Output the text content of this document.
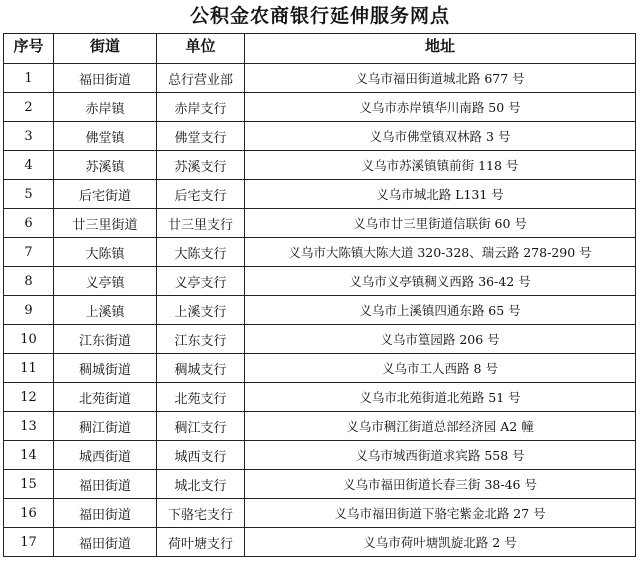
公积金农商银行延伸服务网点
序号	街道	单位	地址
1	福田街道	总行营业部	义乌市福田街道城北路 677 号
2	赤岸镇	赤岸支行	义乌市赤岸镇华川南路 50 号
3	佛堂镇	佛堂支行	义乌市佛堂镇双林路 3 号
4	苏溪镇	苏溪支行	义乌市苏溪镇镇前街 118 号
5	后宅街道	后宅支行	义乌市城北路 L131 号
6	廿三里街道	廿三里支行	义乌市廿三里街道信联街 60 号
7	大陈镇	大陈支行	义乌市大陈镇大陈大道 320-328、瑞云路 278-290 号
8	义亭镇	义亭支行	义乌市义亭镇稠义西路 36-42 号
9	上溪镇	上溪支行	义乌市上溪镇四通东路 65 号
10	江东街道	江东支行	义乌市篁园路 206 号
11	稠城街道	稠城支行	义乌市工人西路 8 号
12	北苑街道	北苑支行	义乌市北苑街道北苑路 51 号
13	稠江街道	稠江支行	义乌市稠江街道总部经济园 A2 幢
14	城西街道	城西支行	义乌市城西街道求宾路 558 号
15	福田街道	城北支行	义乌市福田街道长春三街 38-46 号
16	福田街道	下骆宅支行	义乌市福田街道下骆宅紫金北路 27 号
17	福田街道	荷叶塘支行	义乌市荷叶塘凯旋北路 2 号
